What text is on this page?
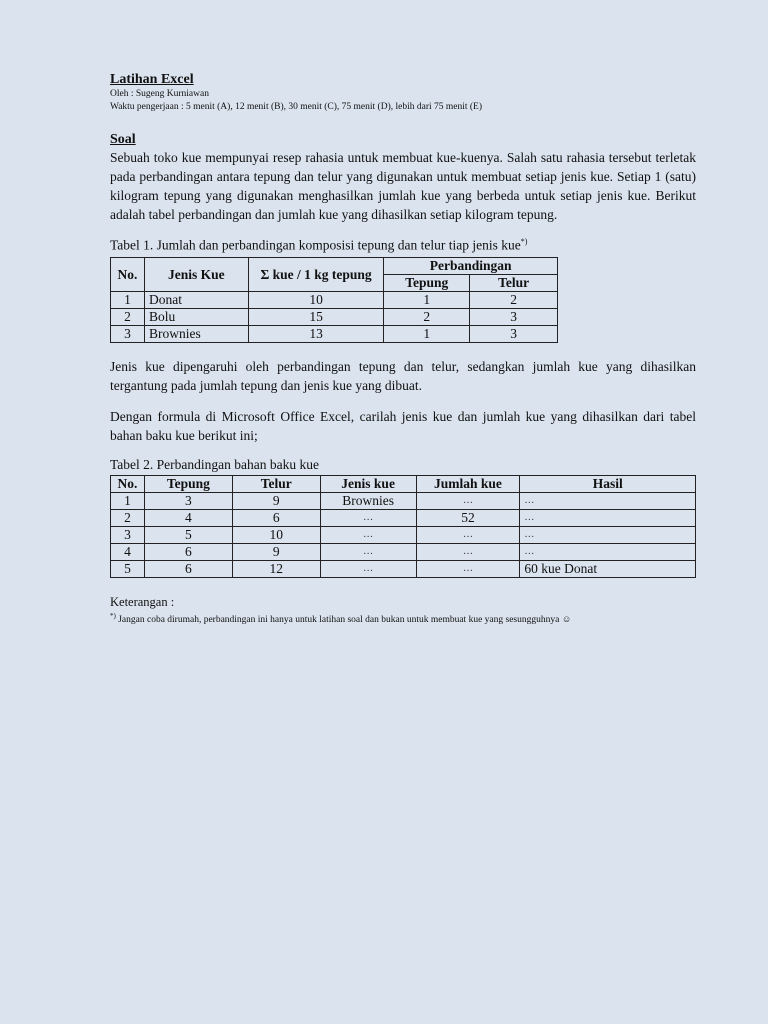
Latihan Excel
Oleh : Sugeng Kurniawan
Waktu pengerjaan : 5 menit (A), 12 menit (B), 30 menit (C), 75 menit (D), lebih dari 75 menit (E)
Soal
Sebuah toko kue mempunyai resep rahasia untuk membuat kue-kuenya. Salah satu rahasia tersebut terletak pada perbandingan antara tepung dan telur yang digunakan untuk membuat setiap jenis kue. Setiap 1 (satu) kilogram tepung yang digunakan menghasilkan jumlah kue yang berbeda untuk setiap jenis kue. Berikut adalah tabel perbandingan dan jumlah kue yang dihasilkan setiap kilogram tepung.
Tabel 1. Jumlah dan perbandingan komposisi tepung dan telur tiap jenis kue*)
No.	Jenis Kue	Σ kue / 1 kg tepung	Perbandingan	
			Tepung	Telur
1	Donat	10	1	2
2	Bolu	15	2	3
3	Brownies	13	1	3
Jenis kue dipengaruhi oleh perbandingan tepung dan telur, sedangkan jumlah kue yang dihasilkan tergantung pada jumlah tepung dan jenis kue yang dibuat.
Dengan formula di Microsoft Office Excel, carilah jenis kue dan jumlah kue yang dihasilkan dari tabel bahan baku kue berikut ini;
Tabel 2. Perbandingan bahan baku kue
No.	Tepung	Telur	Jenis kue	Jumlah kue	Hasil
1	3	9	Brownies	…	…
2	4	6	…	52	…
3	5	10	…	…	…
4	6	9	…	…	…
5	6	12	…	…	60 kue Donat
Keterangan :
*) Jangan coba dirumah, perbandingan ini hanya untuk latihan soal dan bukan untuk membuat kue yang sesungguhnya ☺
